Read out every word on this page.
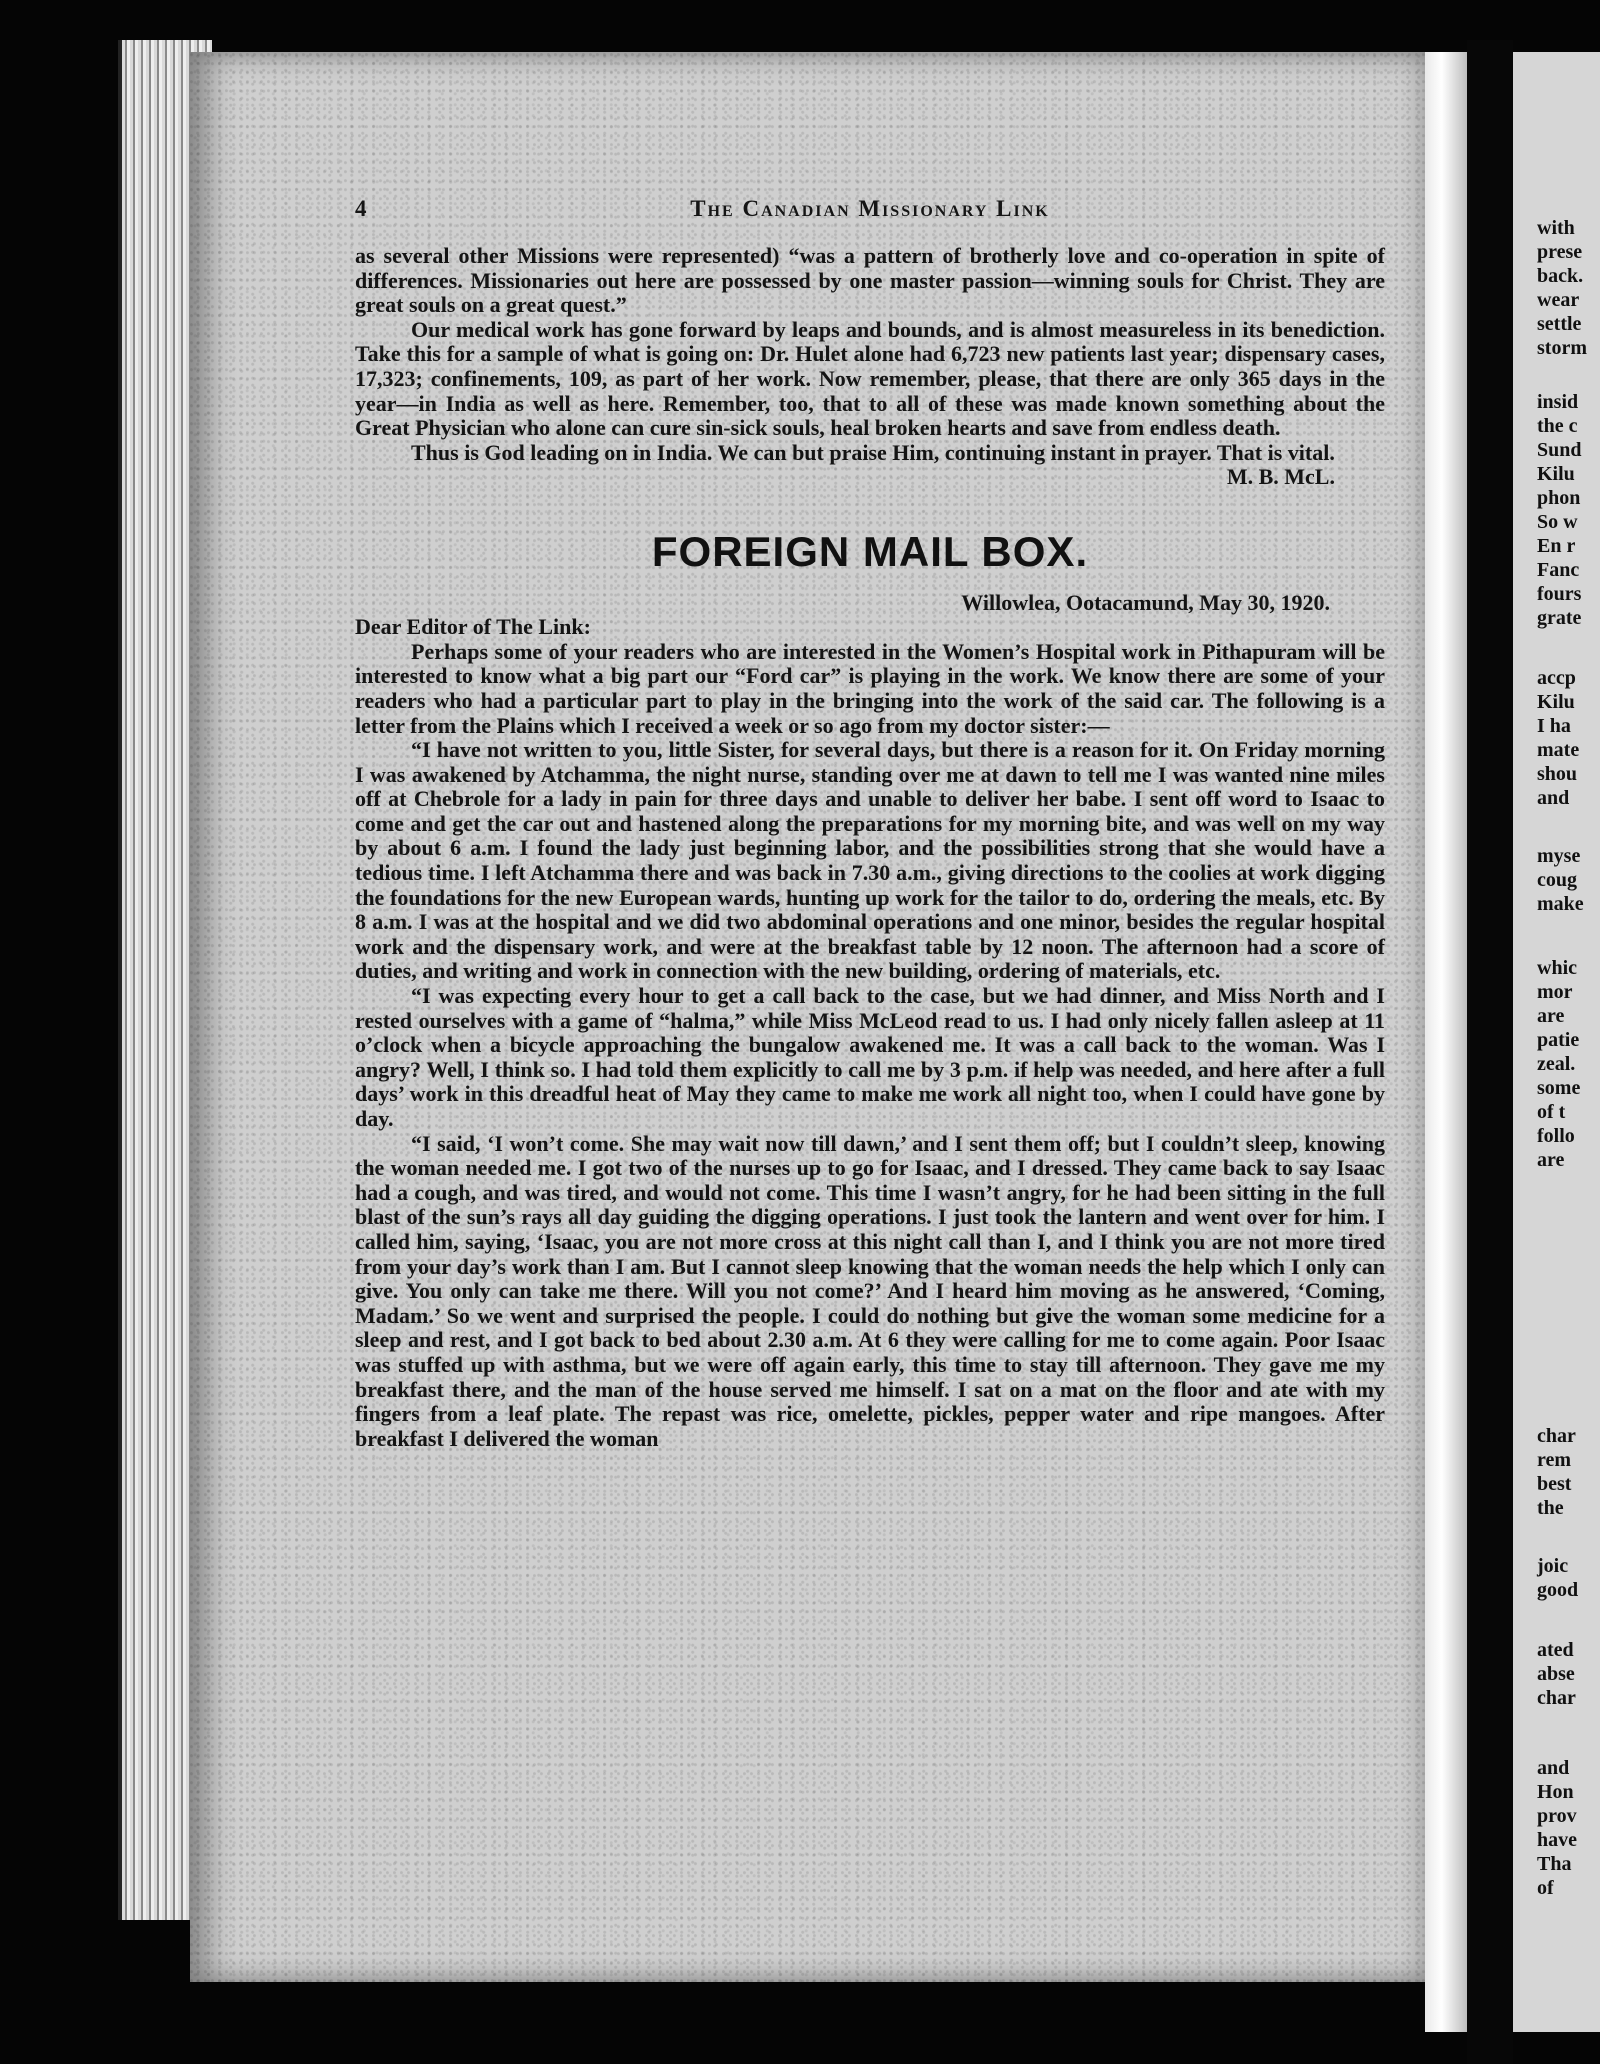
with
prese
back.
wear
settle
storm
insid
the c
Sund
Kilu
phon
So w
En r
Fanc
fours
grate
accp
Kilu
I ha
mate
shou
and
myse
coug
make
whic
mor
are
patie
zeal.
some
of t
follo
are
char
rem
best
the
joic
good
ated
abse
char
and
Hon
prov
have
Tha
of
4	The Canadian Missionary Link

as several other Missions were represented) “was a pattern of brotherly love and co-operation in spite of differences. Missionaries out here are possessed by one master passion—winning souls for Christ. They are great souls on a great quest.”

Our medical work has gone forward by leaps and bounds, and is almost measureless in its benediction. Take this for a sample of what is going on: Dr. Hulet alone had 6,723 new patients last year; dispensary cases, 17,323; confinements, 109, as part of her work. Now remember, please, that there are only 365 days in the year—in India as well as here. Remember, too, that to all of these was made known something about the Great Physician who alone can cure sin-sick souls, heal broken hearts and save from endless death.

Thus is God leading on in India. We can but praise Him, continuing instant in prayer. That is vital.

M. B. McL.

FOREIGN MAIL BOX.

Willowlea, Ootacamund, May 30, 1920.

Dear Editor of The Link:

Perhaps some of your readers who are interested in the Women’s Hospital work in Pithapuram will be interested to know what a big part our “Ford car” is playing in the work. We know there are some of your readers who had a particular part to play in the bringing into the work of the said car. The following is a letter from the Plains which I received a week or so ago from my doctor sister:—

“I have not written to you, little Sister, for several days, but there is a reason for it. On Friday morning I was awakened by Atchamma, the night nurse, standing over me at dawn to tell me I was wanted nine miles off at Chebrole for a lady in pain for three days and unable to deliver her babe. I sent off word to Isaac to come and get the car out and hastened along the preparations for my morning bite, and was well on my way by about 6 a.m. I found the lady just beginning labor, and the possibilities strong that she would have a tedious time. I left Atchamma there and was back in 7.30 a.m., giving directions to the coolies at work digging the foundations for the new European wards, hunting up work for the tailor to do, ordering the meals, etc. By 8 a.m. I was at the hospital and we did two abdominal operations and one minor, besides the regular hospital work and the dispensary work, and were at the breakfast table by 12 noon. The afternoon had a score of duties, and writing and work in connection with the new building, ordering of materials, etc.

“I was expecting every hour to get a call back to the case, but we had dinner, and Miss North and I rested ourselves with a game of “halma,” while Miss McLeod read to us. I had only nicely fallen asleep at 11 o’clock when a bicycle approaching the bungalow awakened me. It was a call back to the woman. Was I angry? Well, I think so. I had told them explicitly to call me by 3 p.m. if help was needed, and here after a full days’ work in this dreadful heat of May they came to make me work all night too, when I could have gone by day.

“I said, ‘I won’t come. She may wait now till dawn,’ and I sent them off; but I couldn’t sleep, knowing the woman needed me. I got two of the nurses up to go for Isaac, and I dressed. They came back to say Isaac had a cough, and was tired, and would not come. This time I wasn’t angry, for he had been sitting in the full blast of the sun’s rays all day guiding the digging operations. I just took the lantern and went over for him. I called him, saying, ‘Isaac, you are not more cross at this night call than I, and I think you are not more tired from your day’s work than I am. But I cannot sleep knowing that the woman needs the help which I only can give. You only can take me there. Will you not come?’ And I heard him moving as he answered, ‘Coming, Madam.’ So we went and surprised the people. I could do nothing but give the woman some medicine for a sleep and rest, and I got back to bed about 2.30 a.m. At 6 they were calling for me to come again. Poor Isaac was stuffed up with asthma, but we were off again early, this time to stay till afternoon. They gave me my breakfast there, and the man of the house served me himself. I sat on a mat on the floor and ate with my fingers from a leaf plate. The repast was rice, omelette, pickles, pepper water and ripe mangoes. After breakfast I delivered the woman
